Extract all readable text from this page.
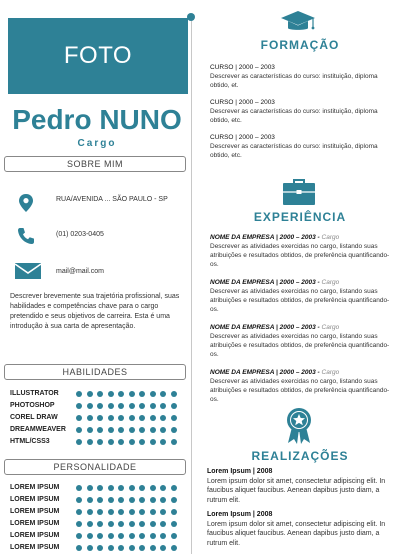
FOTO
Pedro NUNO
Cargo
SOBRE MIM
RUA/AVENIDA ... SÃO PAULO - SP
(01) 0203-0405
mail@mail.com
Descrever brevemente sua trajetória profissional, suas habilidades e competências chave para o cargo pretendido e seus objetivos de carreira. Esta é uma introdução à sua carta de apresentação.
HABILIDADES
ILLUSTRATOR
PHOTOSHOP
COREL DRAW
DREAMWEAVER
HTML/CSS3
PERSONALIDADE
LOREM IPSUM
LOREM IPSUM
LOREM IPSUM
LOREM IPSUM
LOREM IPSUM
LOREM IPSUM
FORMAÇÃO
CURSO | 2000 – 2003
Descrever as características do curso: instituição, diploma obtido, et.
CURSO | 2000 – 2003
Descrever as características do curso: instituição, diploma obtido, etc.
CURSO | 2000 – 2003
Descrever as características do curso: instituição, diploma obtido, etc.
EXPERIÊNCIA
NOME DA EMPRESA | 2000 – 2003 - Cargo
Descrever as atividades exercidas no cargo, listando suas atribuições e resultados obtidos, de preferência quantificando-os.
NOME DA EMPRESA | 2000 – 2003 - Cargo
Descrever as atividades exercidas no cargo, listando suas atribuições e resultados obtidos, de preferência quantificando-os.
NOME DA EMPRESA | 2000 – 2003 - Cargo
Descrever as atividades exercidas no cargo, listando suas atribuições e resultados obtidos, de preferência quantificando-os.
NOME DA EMPRESA | 2000 – 2003 - Cargo
Descrever as atividades exercidas no cargo, listando suas atribuições e resultados obtidos, de preferência quantificando-os.
REALIZAÇÕES
Lorem Ipsum | 2008
Lorem ipsum dolor sit amet, consectetur adipiscing elit. In faucibus aliquet faucibus. Aenean dapibus justo diam, a rutrum elit.
Lorem Ipsum | 2008
Lorem ipsum dolor sit amet, consectetur adipiscing elit. In faucibus aliquet faucibus. Aenean dapibus justo diam, a rutrum elit.
